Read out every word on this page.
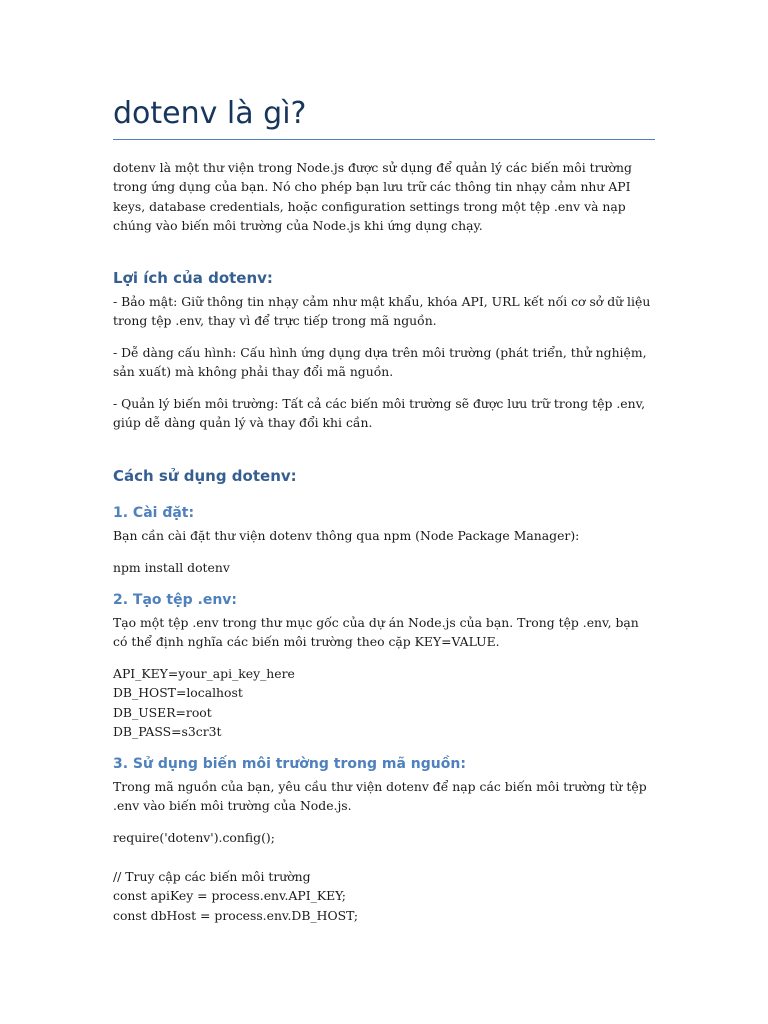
dotenv là gì?

dotenv là một thư viện trong Node.js được sử dụng để quản lý các biến môi trường trong ứng dụng của bạn. Nó cho phép bạn lưu trữ các thông tin nhạy cảm như API keys, database credentials, hoặc configuration settings trong một tệp .env và nạp chúng vào biến môi trường của Node.js khi ứng dụng chạy.

Lợi ích của dotenv:

- Bảo mật: Giữ thông tin nhạy cảm như mật khẩu, khóa API, URL kết nối cơ sở dữ liệu trong tệp .env, thay vì để trực tiếp trong mã nguồn.

- Dễ dàng cấu hình: Cấu hình ứng dụng dựa trên môi trường (phát triển, thử nghiệm, sản xuất) mà không phải thay đổi mã nguồn.

- Quản lý biến môi trường: Tất cả các biến môi trường sẽ được lưu trữ trong tệp .env, giúp dễ dàng quản lý và thay đổi khi cần.

Cách sử dụng dotenv:
1. Cài đặt:

Bạn cần cài đặt thư viện dotenv thông qua npm (Node Package Manager):

npm install dotenv
2. Tạo tệp .env:

Tạo một tệp .env trong thư mục gốc của dự án Node.js của bạn. Trong tệp .env, bạn có thể định nghĩa các biến môi trường theo cặp KEY=VALUE.

API_KEY=your_api_key_here
DB_HOST=localhost
DB_USER=root
DB_PASS=s3cr3t
3. Sử dụng biến môi trường trong mã nguồn:

Trong mã nguồn của bạn, yêu cầu thư viện dotenv để nạp các biến môi trường từ tệp .env vào biến môi trường của Node.js.

require('dotenv').config();
// Truy cập các biến môi trường
const apiKey = process.env.API_KEY;
const dbHost = process.env.DB_HOST;
